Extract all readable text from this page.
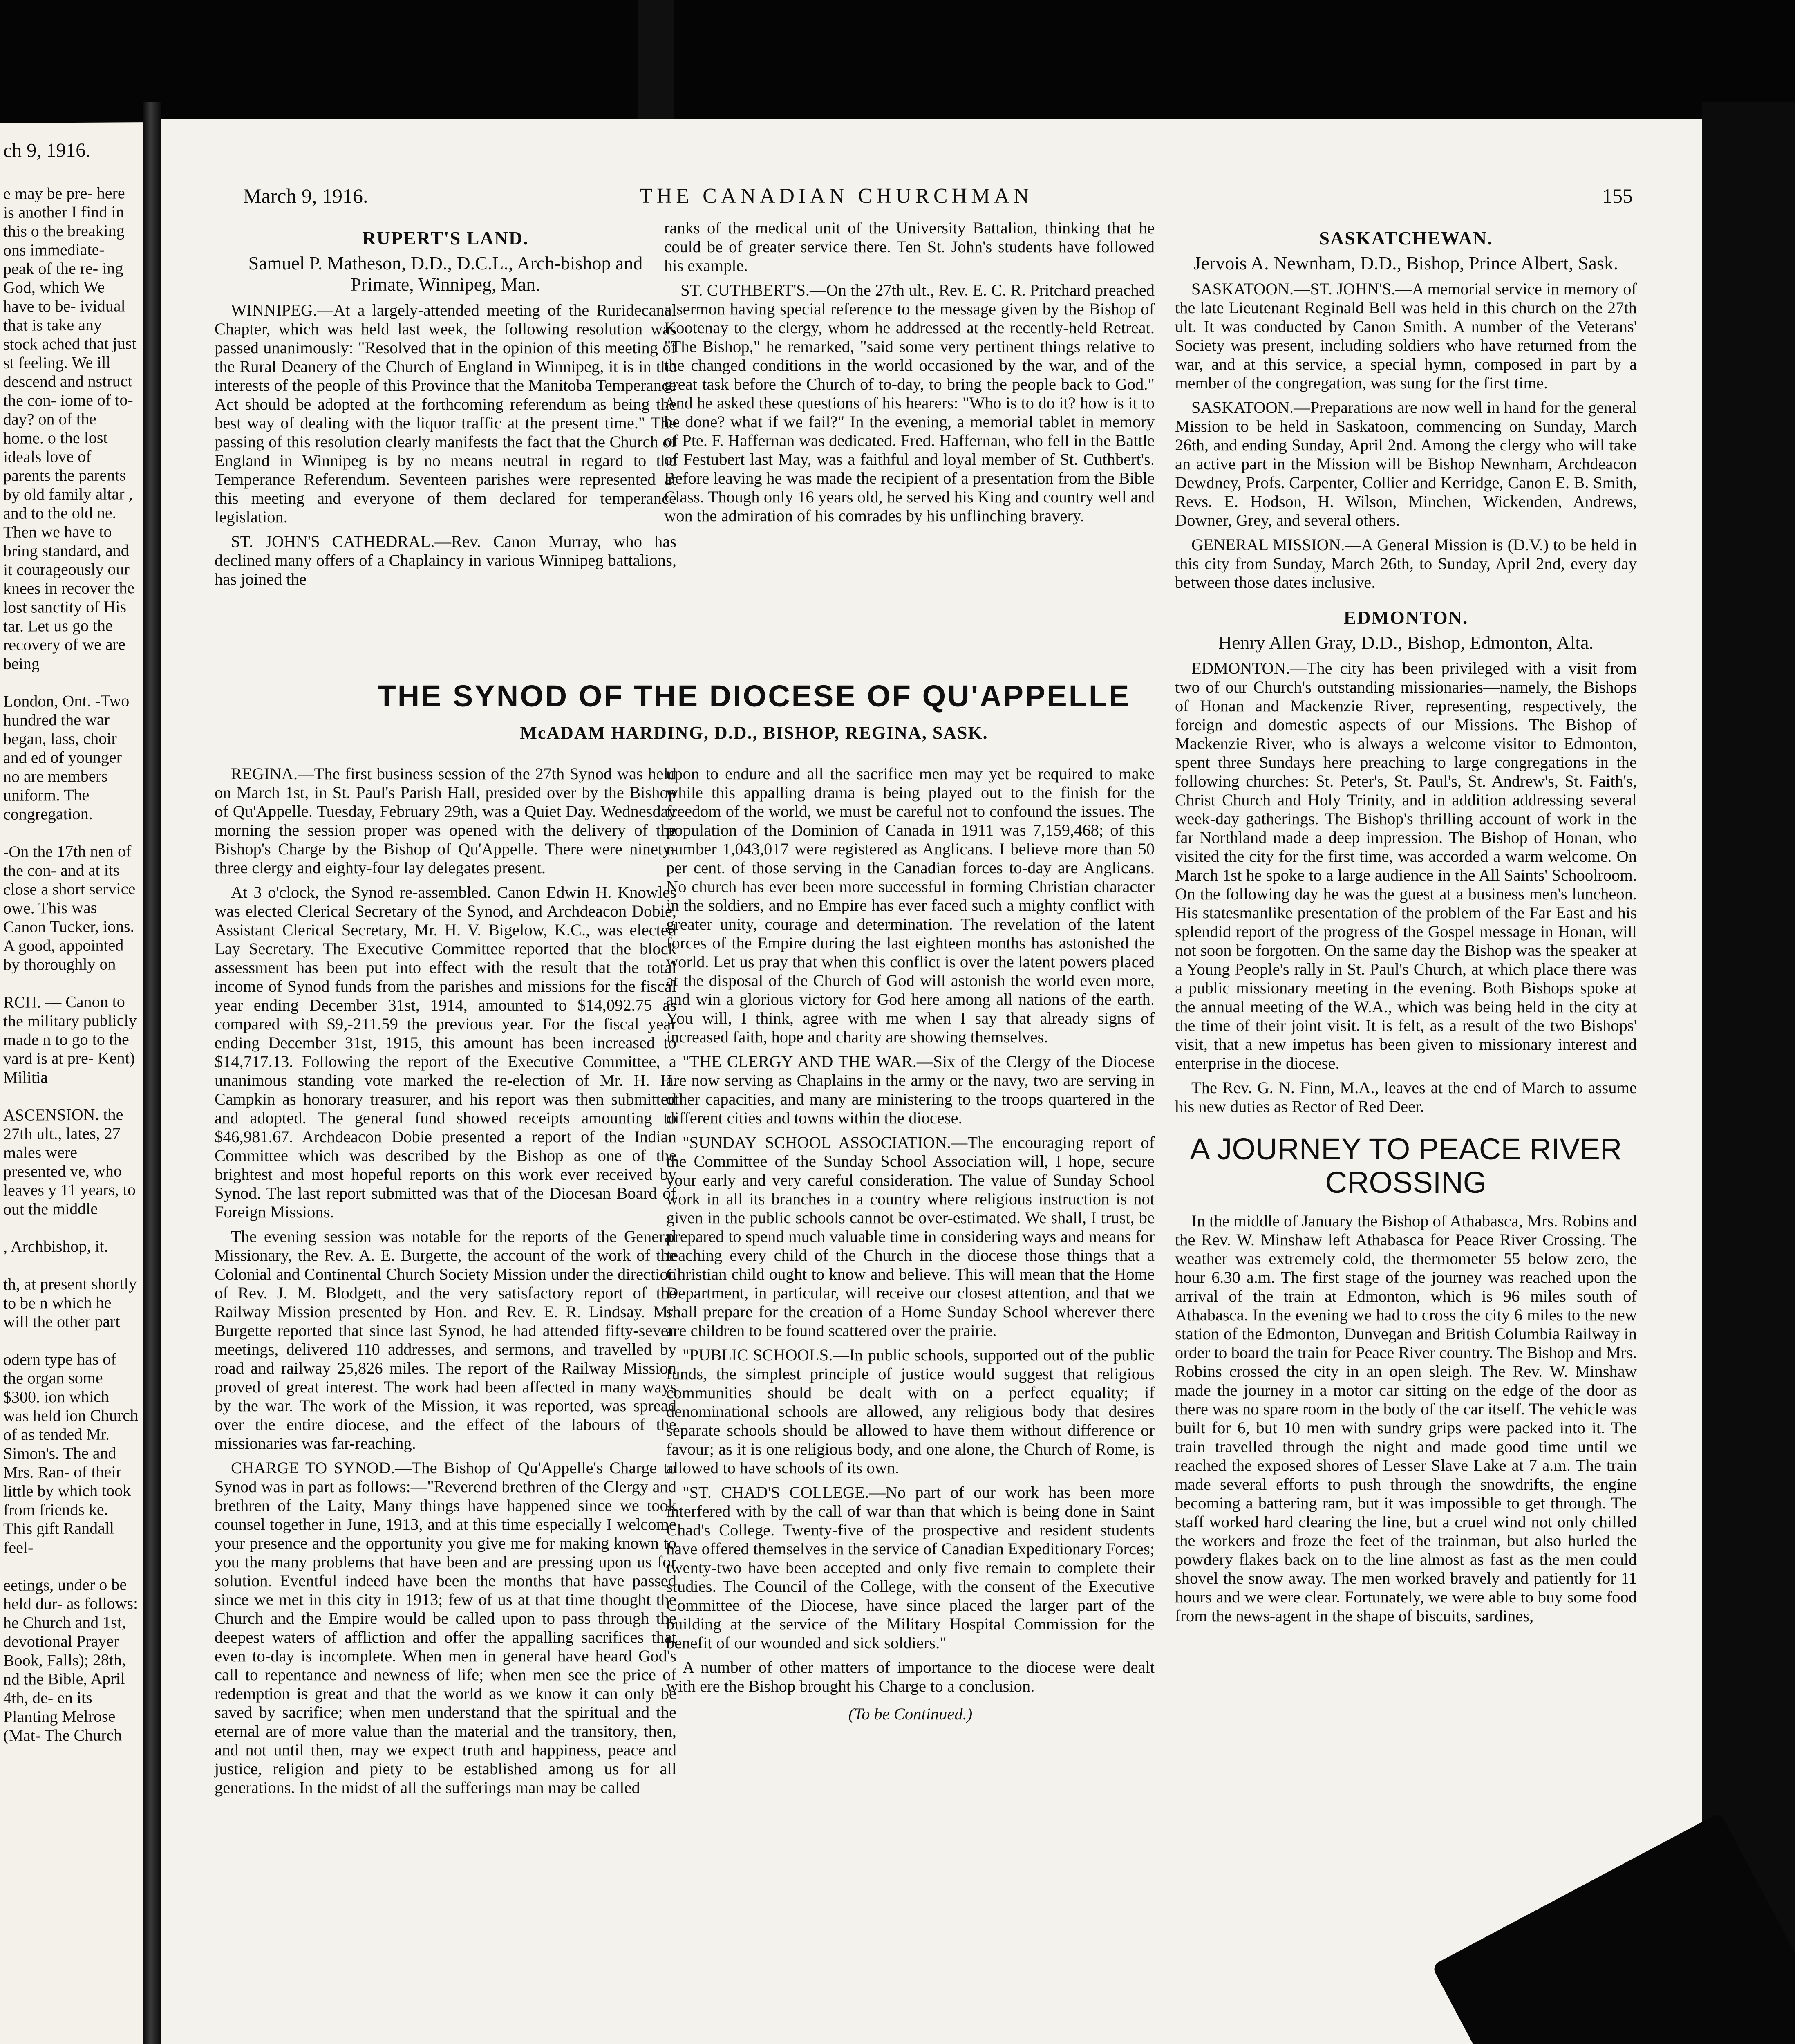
ch 9, 1916.

e may be pre- here is another I find in this o the breaking ons immediate- peak of the re- ing God, which We have to be- ividual that is take any stock ached that just st feeling. We ill descend and nstruct the con- iome of to-day? on of the home. o the lost ideals love of parents the parents by old family altar , and to the old ne. Then we have to bring standard, and it courageously our knees in recover the lost sanctity of His tar. Let us go the recovery of we are being

London, Ont. -Two hundred the war began, lass, choir and ed of younger no are members uniform. The congregation.

-On the 17th nen of the con- and at its close a short service owe. This was Canon Tucker, ions. A good, appointed by thoroughly on

RCH. — Canon to the military publicly made n to go to the vard is at pre- Kent) Militia

ASCENSION. the 27th ult., lates, 27 males were presented ve, who leaves y 11 years, to out the middle

, Archbishop, it.

th, at present shortly to be n which he will the other part

odern type has of the organ some $300. ion which was held ion Church of as tended Mr. Simon's. The and Mrs. Ran- of their little by which took from friends ke. This gift Randall feel-

eetings, under o be held dur- as follows: he Church and 1st, devotional Prayer Book, Falls); 28th, nd the Bible, April 4th, de- en its Planting Melrose (Mat- The Church

March 9, 1916.	THE CANADIAN CHURCHMAN	155
RUPERT'S LAND.
Samuel P. Matheson, D.D., D.C.L., Arch-bishop and Primate, Winnipeg, Man.

WINNIPEG.—At a largely-attended meeting of the Ruridecanal Chapter, which was held last week, the following resolution was passed unanimously: "Resolved that in the opinion of this meeting of the Rural Deanery of the Church of England in Winnipeg, it is in the interests of the people of this Province that the Manitoba Temperance Act should be adopted at the forthcoming referendum as being the best way of dealing with the liquor traffic at the present time." The passing of this resolution clearly manifests the fact that the Church of England in Winnipeg is by no means neutral in regard to the Temperance Referendum. Seventeen parishes were represented at this meeting and everyone of them declared for temperance legislation.

ST. JOHN'S CATHEDRAL.—Rev. Canon Murray, who has declined many offers of a Chaplaincy in various Winnipeg battalions, has joined the

ranks of the medical unit of the University Battalion, thinking that he could be of greater service there. Ten St. John's students have followed his example.

ST. CUTHBERT'S.—On the 27th ult., Rev. E. C. R. Pritchard preached a sermon having special reference to the message given by the Bishop of Kootenay to the clergy, whom he addressed at the recently-held Retreat. "The Bishop," he remarked, "said some very pertinent things relative to the changed conditions in the world occasioned by the war, and of the great task before the Church of to-day, to bring the people back to God." And he asked these questions of his hearers: "Who is to do it? how is it to be done? what if we fail?" In the evening, a memorial tablet in memory of Pte. F. Haffernan was dedicated. Fred. Haffernan, who fell in the Battle of Festubert last May, was a faithful and loyal member of St. Cuthbert's. Before leaving he was made the recipient of a presentation from the Bible Class. Though only 16 years old, he served his King and country well and won the admiration of his comrades by his unflinching bravery.

SASKATCHEWAN.
Jervois A. Newnham, D.D., Bishop, Prince Albert, Sask.

SASKATOON.—ST. JOHN'S.—A memorial service in memory of the late Lieutenant Reginald Bell was held in this church on the 27th ult. It was conducted by Canon Smith. A number of the Veterans' Society was present, including soldiers who have returned from the war, and at this service, a special hymn, composed in part by a member of the congregation, was sung for the first time.

SASKATOON.—Preparations are now well in hand for the general Mission to be held in Saskatoon, commencing on Sunday, March 26th, and ending Sunday, April 2nd. Among the clergy who will take an active part in the Mission will be Bishop Newnham, Archdeacon Dewdney, Profs. Carpenter, Collier and Kerridge, Canon E. B. Smith, Revs. E. Hodson, H. Wilson, Minchen, Wickenden, Andrews, Downer, Grey, and several others.

GENERAL MISSION.—A General Mission is (D.V.) to be held in this city from Sunday, March 26th, to Sunday, April 2nd, every day between those dates inclusive.

EDMONTON.
Henry Allen Gray, D.D., Bishop, Edmonton, Alta.

EDMONTON.—The city has been privileged with a visit from two of our Church's outstanding missionaries—namely, the Bishops of Honan and Mackenzie River, representing, respectively, the foreign and domestic aspects of our Missions. The Bishop of Mackenzie River, who is always a welcome visitor to Edmonton, spent three Sundays here preaching to large congregations in the following churches: St. Peter's, St. Paul's, St. Andrew's, St. Faith's, Christ Church and Holy Trinity, and in addition addressing several week-day gatherings. The Bishop's thrilling account of work in the far Northland made a deep impression. The Bishop of Honan, who visited the city for the first time, was accorded a warm welcome. On March 1st he spoke to a large audience in the All Saints' Schoolroom. On the following day he was the guest at a business men's luncheon. His statesmanlike presentation of the problem of the Far East and his splendid report of the progress of the Gospel message in Honan, will not soon be forgotten. On the same day the Bishop was the speaker at a Young People's rally in St. Paul's Church, at which place there was a public missionary meeting in the evening. Both Bishops spoke at the annual meeting of the W.A., which was being held in the city at the time of their joint visit. It is felt, as a result of the two Bishops' visit, that a new impetus has been given to missionary interest and enterprise in the diocese.

The Rev. G. N. Finn, M.A., leaves at the end of March to assume his new duties as Rector of Red Deer.

A JOURNEY TO PEACE RIVER CROSSING

In the middle of January the Bishop of Athabasca, Mrs. Robins and the Rev. W. Minshaw left Athabasca for Peace River Crossing. The weather was extremely cold, the thermometer 55 below zero, the hour 6.30 a.m. The first stage of the journey was reached upon the arrival of the train at Edmonton, which is 96 miles south of Athabasca. In the evening we had to cross the city 6 miles to the new station of the Edmonton, Dunvegan and British Columbia Railway in order to board the train for Peace River country. The Bishop and Mrs. Robins crossed the city in an open sleigh. The Rev. W. Minshaw made the journey in a motor car sitting on the edge of the door as there was no spare room in the body of the car itself. The vehicle was built for 6, but 10 men with sundry grips were packed into it. The train travelled through the night and made good time until we reached the exposed shores of Lesser Slave Lake at 7 a.m. The train made several efforts to push through the snowdrifts, the engine becoming a battering ram, but it was impossible to get through. The staff worked hard clearing the line, but a cruel wind not only chilled the workers and froze the feet of the trainman, but also hurled the powdery flakes back on to the line almost as fast as the men could shovel the snow away. The men worked bravely and patiently for 11 hours and we were clear. Fortunately, we were able to buy some food from the news-agent in the shape of biscuits, sardines,

THE SYNOD OF THE DIOCESE OF QU'APPELLE
McADAM HARDING, D.D., BISHOP, REGINA, SASK.

REGINA.—The first business session of the 27th Synod was held on March 1st, in St. Paul's Parish Hall, presided over by the Bishop of Qu'Appelle. Tuesday, February 29th, was a Quiet Day. Wednesday morning the session proper was opened with the delivery of the Bishop's Charge by the Bishop of Qu'Appelle. There were ninety-three clergy and eighty-four lay delegates present.

At 3 o'clock, the Synod re-assembled. Canon Edwin H. Knowles was elected Clerical Secretary of the Synod, and Archdeacon Dobie, Assistant Clerical Secretary, Mr. H. V. Bigelow, K.C., was elected Lay Secretary. The Executive Committee reported that the block assessment has been put into effect with the result that the total income of Synod funds from the parishes and missions for the fiscal year ending December 31st, 1914, amounted to $14,092.75 as compared with $9,-211.59 the previous year. For the fiscal year ending December 31st, 1915, this amount has been increased to $14,717.13. Following the report of the Executive Committee, a unanimous standing vote marked the re-election of Mr. H. H. Campkin as honorary treasurer, and his report was then submitted and adopted. The general fund showed receipts amounting to $46,981.67. Archdeacon Dobie presented a report of the Indian Committee which was described by the Bishop as one of the brightest and most hopeful reports on this work ever received by Synod. The last report submitted was that of the Diocesan Board of Foreign Missions.

The evening session was notable for the reports of the General Missionary, the Rev. A. E. Burgette, the account of the work of the Colonial and Continental Church Society Mission under the direction of Rev. J. M. Blodgett, and the very satisfactory report of the Railway Mission presented by Hon. and Rev. E. R. Lindsay. Mr. Burgette reported that since last Synod, he had attended fifty-seven meetings, delivered 110 addresses, and sermons, and travelled by road and railway 25,826 miles. The report of the Railway Mission proved of great interest. The work had been affected in many ways by the war. The work of the Mission, it was reported, was spread over the entire diocese, and the effect of the labours of the missionaries was far-reaching.

CHARGE TO SYNOD.—The Bishop of Qu'Appelle's Charge to Synod was in part as follows:—"Reverend brethren of the Clergy and brethren of the Laity, Many things have happened since we took counsel together in June, 1913, and at this time especially I welcome your presence and the opportunity you give me for making known to you the many problems that have been and are pressing upon us for solution. Eventful indeed have been the months that have passed since we met in this city in 1913; few of us at that time thought the Church and the Empire would be called upon to pass through the deepest waters of affliction and offer the appalling sacrifices that even to-day is incomplete. When men in general have heard God's call to repentance and newness of life; when men see the price of redemption is great and that the world as we know it can only be saved by sacrifice; when men understand that the spiritual and the eternal are of more value than the material and the transitory, then, and not until then, may we expect truth and happiness, peace and justice, religion and piety to be established among us for all generations. In the midst of all the sufferings man may be called

upon to endure and all the sacrifice men may yet be required to make while this appalling drama is being played out to the finish for the freedom of the world, we must be careful not to confound the issues. The population of the Dominion of Canada in 1911 was 7,159,468; of this number 1,043,017 were registered as Anglicans. I believe more than 50 per cent. of those serving in the Canadian forces to-day are Anglicans. No church has ever been more successful in forming Christian character in the soldiers, and no Empire has ever faced such a mighty conflict with greater unity, courage and determination. The revelation of the latent forces of the Empire during the last eighteen months has astonished the world. Let us pray that when this conflict is over the latent powers placed at the disposal of the Church of God will astonish the world even more, and win a glorious victory for God here among all nations of the earth. You will, I think, agree with me when I say that already signs of increased faith, hope and charity are showing themselves.

"THE CLERGY AND THE WAR.—Six of the Clergy of the Diocese are now serving as Chaplains in the army or the navy, two are serving in other capacities, and many are ministering to the troops quartered in the different cities and towns within the diocese.

"SUNDAY SCHOOL ASSOCIATION.—The encouraging report of the Committee of the Sunday School Association will, I hope, secure your early and very careful consideration. The value of Sunday School work in all its branches in a country where religious instruction is not given in the public schools cannot be over-estimated. We shall, I trust, be prepared to spend much valuable time in considering ways and means for teaching every child of the Church in the diocese those things that a Christian child ought to know and believe. This will mean that the Home Department, in particular, will receive our closest attention, and that we shall prepare for the creation of a Home Sunday School wherever there are children to be found scattered over the prairie.

"PUBLIC SCHOOLS.—In public schools, supported out of the public funds, the simplest principle of justice would suggest that religious communities should be dealt with on a perfect equality; if denominational schools are allowed, any religious body that desires separate schools should be allowed to have them without difference or favour; as it is one religious body, and one alone, the Church of Rome, is allowed to have schools of its own.

"ST. CHAD'S COLLEGE.—No part of our work has been more interfered with by the call of war than that which is being done in Saint Chad's College. Twenty-five of the prospective and resident students have offered themselves in the service of Canadian Expeditionary Forces; twenty-two have been accepted and only five remain to complete their studies. The Council of the College, with the consent of the Executive Committee of the Diocese, have since placed the larger part of the building at the service of the Military Hospital Commission for the benefit of our wounded and sick soldiers."

A number of other matters of importance to the diocese were dealt with ere the Bishop brought his Charge to a conclusion.

(To be Continued.)
